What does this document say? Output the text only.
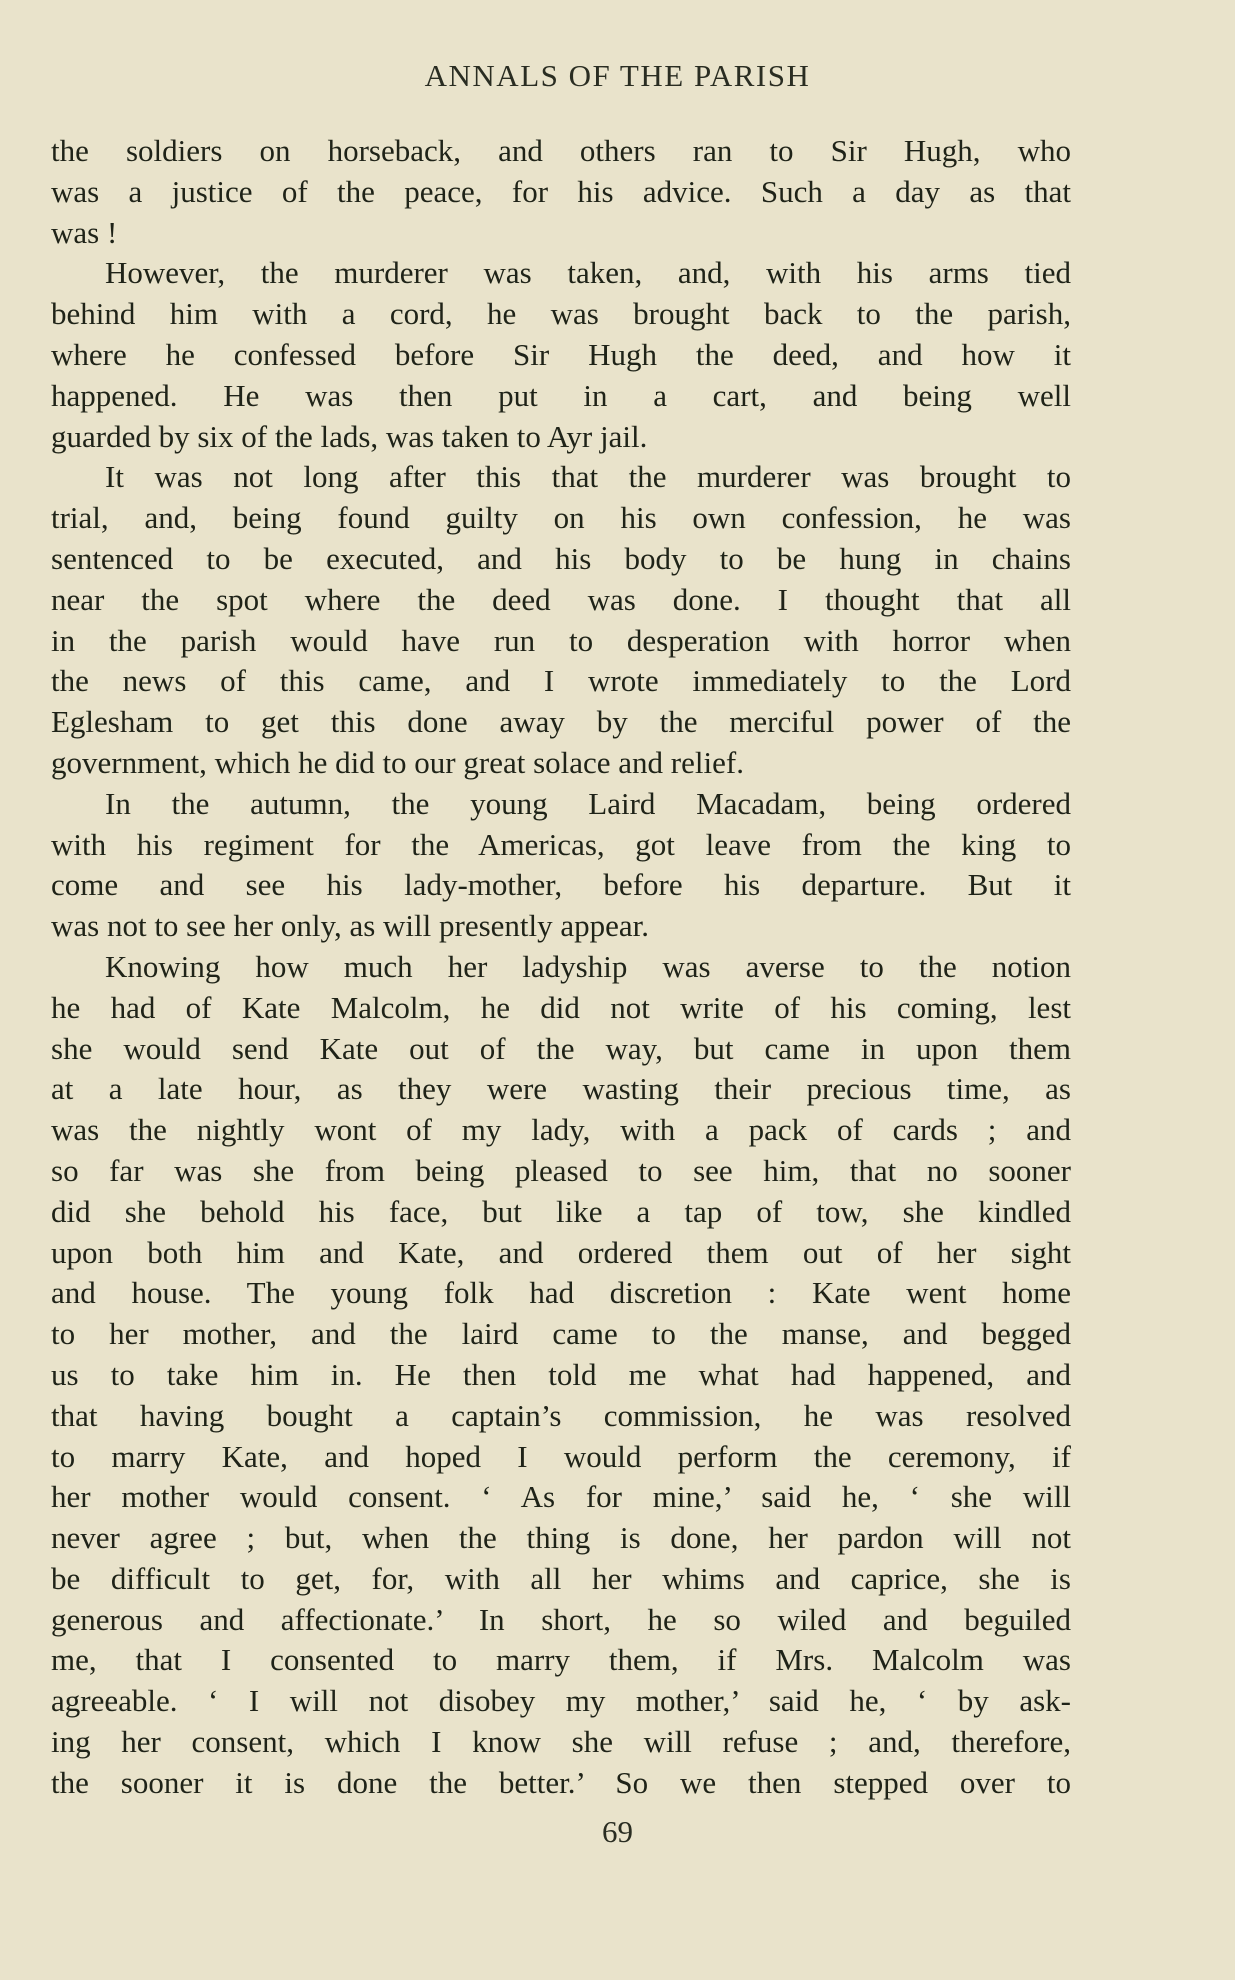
ANNALS OF THE PARISH
the soldiers on horseback, and others ran to Sir Hugh, who
was a justice of the peace, for his advice. Such a day as that
was !
However, the murderer was taken, and, with his arms tied
behind him with a cord, he was brought back to the parish,
where he confessed before Sir Hugh the deed, and how it
happened. He was then put in a cart, and being well
guarded by six of the lads, was taken to Ayr jail.
It was not long after this that the murderer was brought to
trial, and, being found guilty on his own confession, he was
sentenced to be executed, and his body to be hung in chains
near the spot where the deed was done. I thought that all
in the parish would have run to desperation with horror when
the news of this came, and I wrote immediately to the Lord
Eglesham to get this done away by the merciful power of the
government, which he did to our great solace and relief.
In the autumn, the young Laird Macadam, being ordered
with his regiment for the Americas, got leave from the king to
come and see his lady-mother, before his departure. But it
was not to see her only, as will presently appear.
Knowing how much her ladyship was averse to the notion
he had of Kate Malcolm, he did not write of his coming, lest
she would send Kate out of the way, but came in upon them
at a late hour, as they were wasting their precious time, as
was the nightly wont of my lady, with a pack of cards ; and
so far was she from being pleased to see him, that no sooner
did she behold his face, but like a tap of tow, she kindled
upon both him and Kate, and ordered them out of her sight
and house. The young folk had discretion : Kate went home
to her mother, and the laird came to the manse, and begged
us to take him in. He then told me what had happened, and
that having bought a captain’s commission, he was resolved
to marry Kate, and hoped I would perform the ceremony, if
her mother would consent. ‘ As for mine,’ said he, ‘ she will
never agree ; but, when the thing is done, her pardon will not
be difficult to get, for, with all her whims and caprice, she is
generous and affectionate.’ In short, he so wiled and beguiled
me, that I consented to marry them, if Mrs. Malcolm was
agreeable. ‘ I will not disobey my mother,’ said he, ‘ by ask-
ing her consent, which I know she will refuse ; and, therefore,
the sooner it is done the better.’ So we then stepped over to
69
